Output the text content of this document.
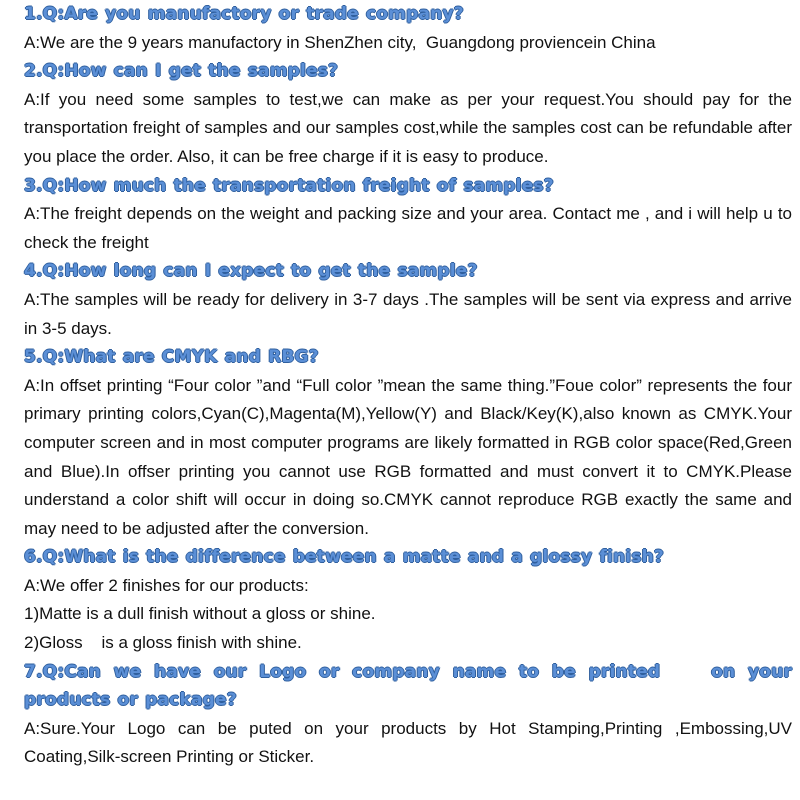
1.Q:Are you manufactory or trade company?

A:We are the 9 years manufactory in ShenZhen city,  Guangdong proviencein China

2.Q:How can I get the samples?

A:If you need some samples to test,we can make as per your request.You should pay for the transportation freight of samples and our samples cost,while the samples cost can be refundable after you place the order. Also, it can be free charge if it is easy to produce.

3.Q:How much the transportation freight of samples?

A:The freight depends on the weight and packing size and your area. Contact me , and i will help u to check the freight

4.Q:How long can I expect to get the sample?

A:The samples will be ready for delivery in 3-7 days .The samples will be sent via express and arrive in 3-5 days.

5.Q:What are CMYK and RBG?

A:In offset printing “Four color ”and “Full color ”mean the same thing.”Foue color” represents the four primary printing colors,Cyan(C),Magenta(M),Yellow(Y) and Black/Key(K),also known as CMYK.Your computer screen and in most computer programs are likely formatted in RGB color space(Red,Green and Blue).In offser printing you cannot use RGB formatted and must convert it to CMYK.Please understand a color shift will occur in doing so.CMYK cannot reproduce RGB exactly the same and may need to be adjusted after the conversion.

6.Q:What is the difference between a matte and a glossy finish?

A:We offer 2 finishes for our products:
1)Matte is a dull finish without a gloss or shine.
2)Gloss    is a gloss finish with shine.

7.Q:Can we have our Logo or company name to be printed    on your products or package?

A:Sure.Your Logo can be puted on your products by Hot Stamping,Printing ,Embossing,UV Coating,Silk-screen Printing or Sticker.
